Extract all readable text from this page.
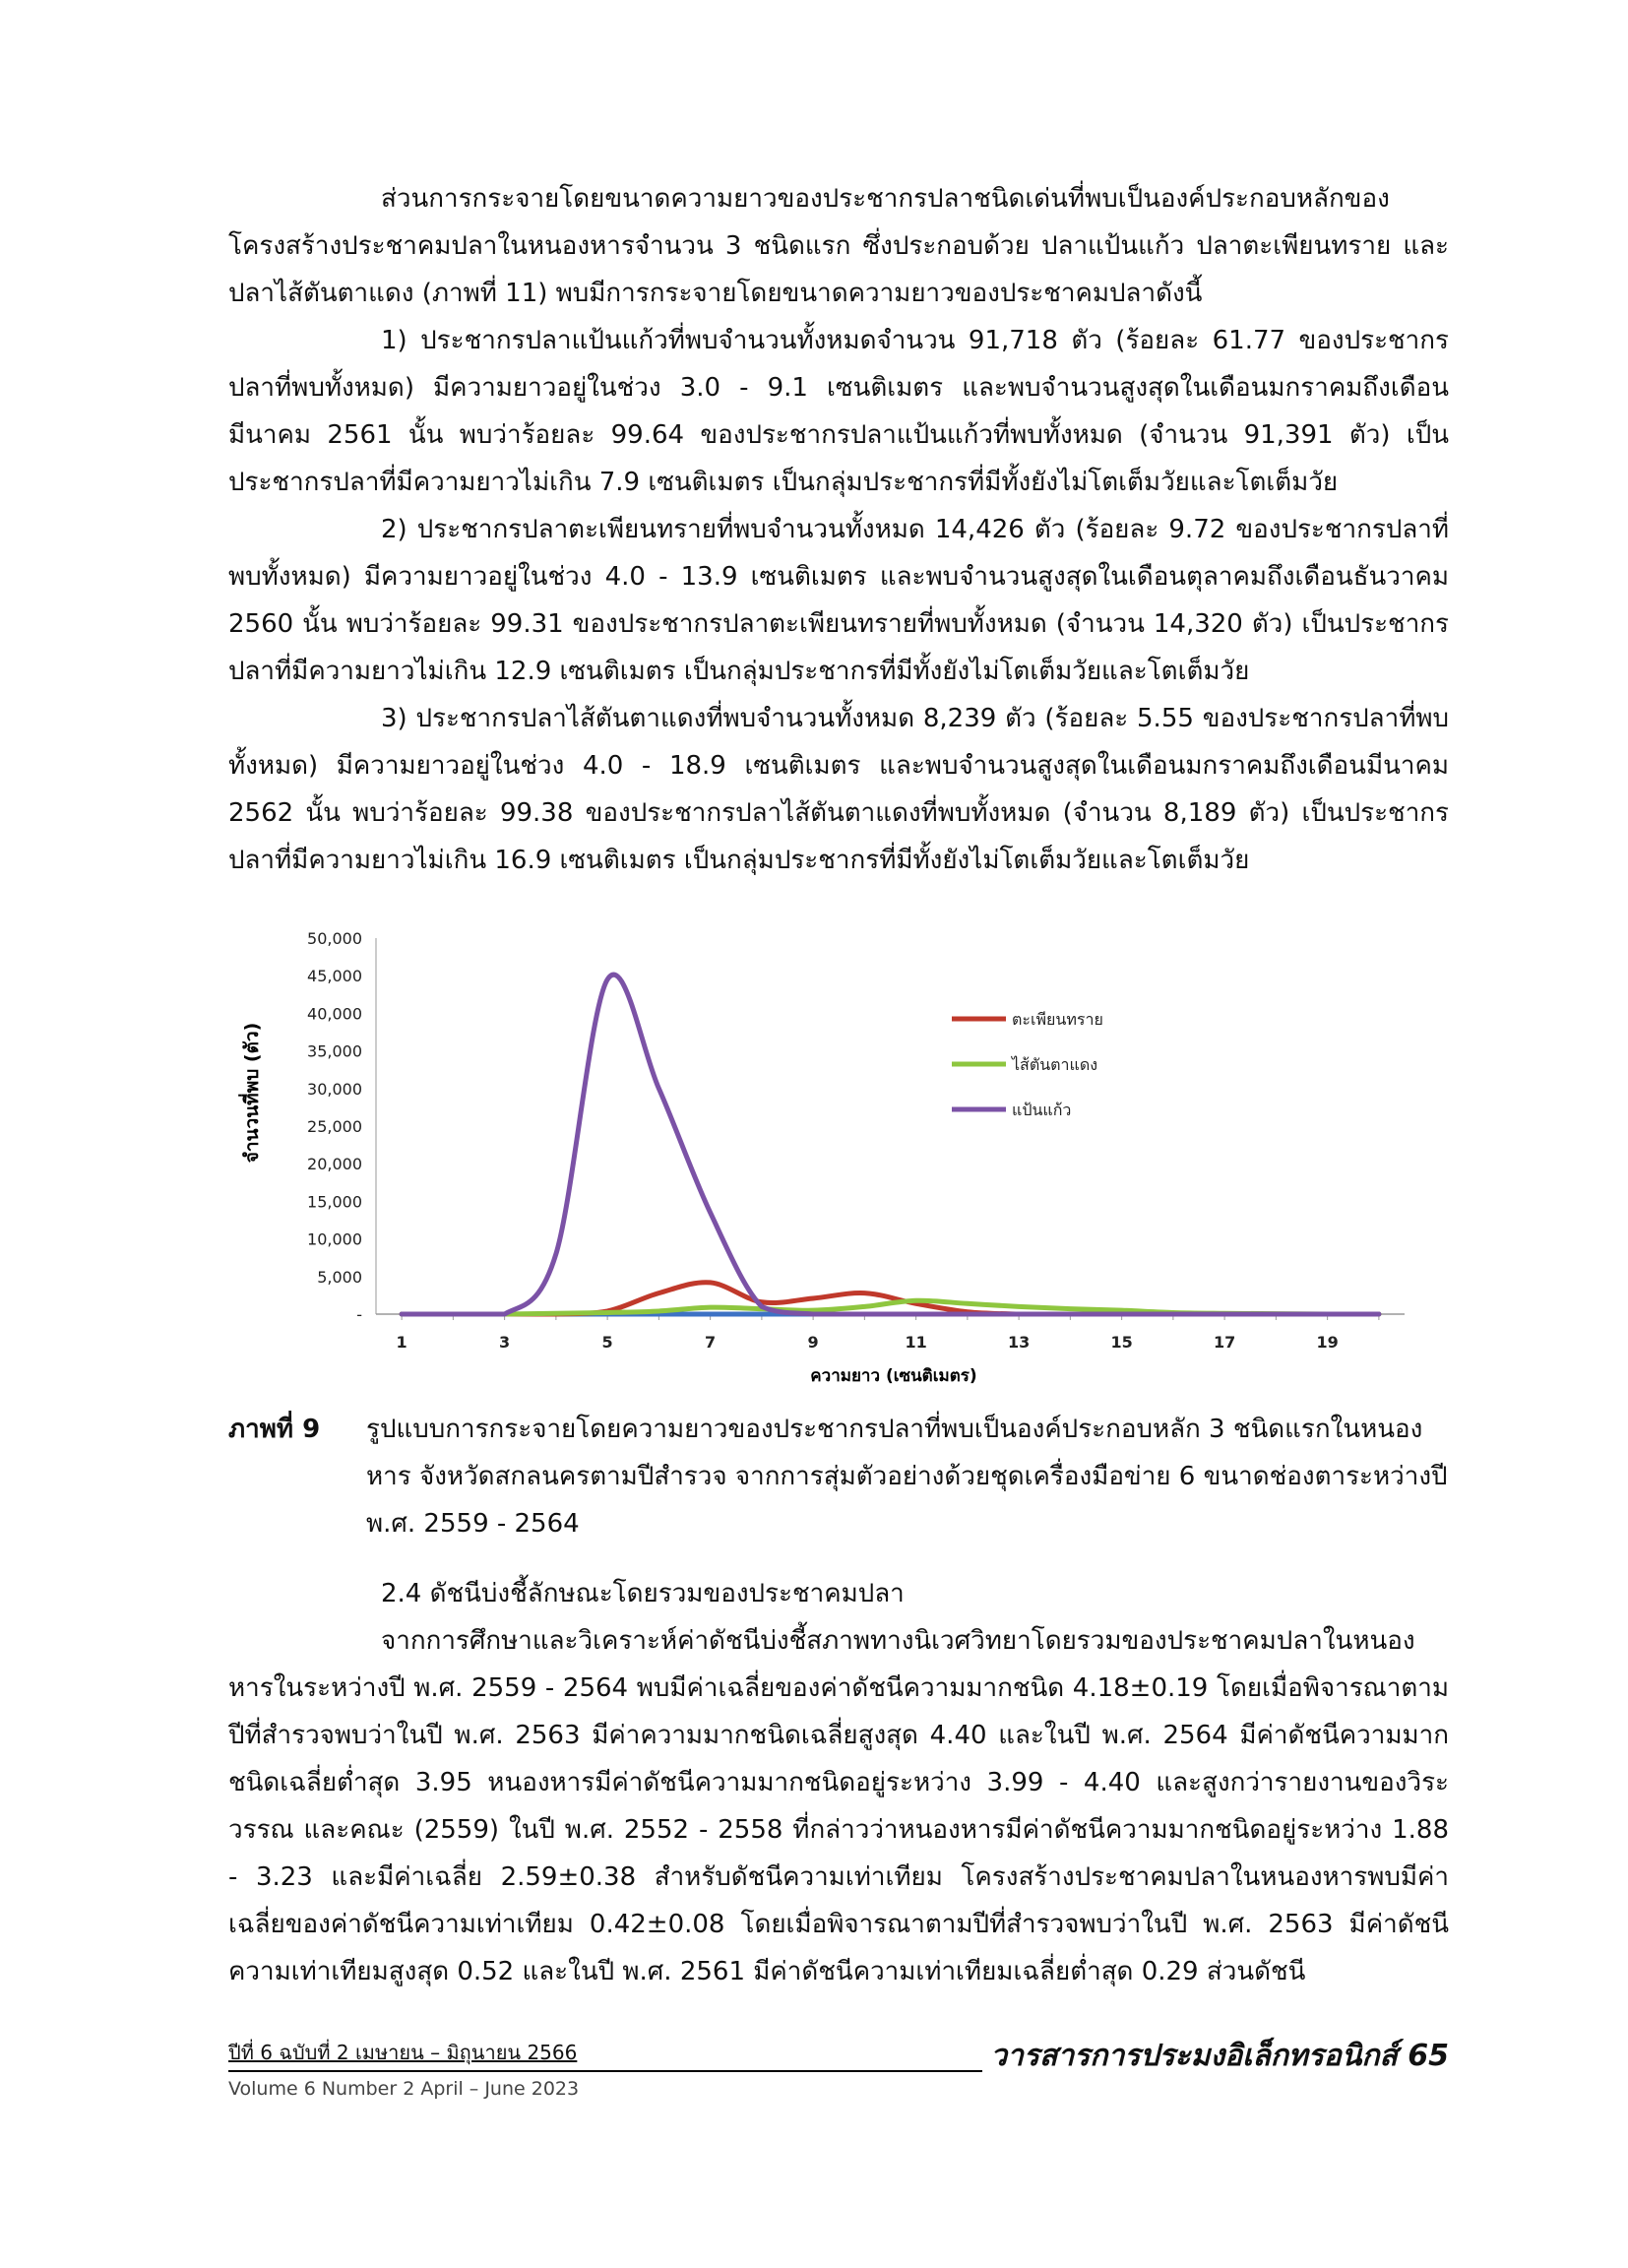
ส่วนการกระจายโดยขนาดความยาวของประชากรปลาชนิดเด่นที่พบเป็นองค์ประกอบหลักของโครงสร้างประชาคมปลาในหนองหารจำนวน 3 ชนิดแรก ซึ่งประกอบด้วย ปลาแป้นแก้ว ปลาตะเพียนทราย และปลาไส้ตันตาแดง (ภาพที่ 11) พบมีการกระจายโดยขนาดความยาวของประชาคมปลาดังนี้

1) ประชากรปลาแป้นแก้วที่พบจำนวนทั้งหมดจำนวน 91,718 ตัว (ร้อยละ 61.77 ของประชากรปลาที่พบทั้งหมด) มีความยาวอยู่ในช่วง 3.0 - 9.1 เซนติเมตร และพบจำนวนสูงสุดในเดือนมกราคมถึงเดือนมีนาคม 2561 นั้น พบว่าร้อยละ 99.64 ของประชากรปลาแป้นแก้วที่พบทั้งหมด (จำนวน 91,391 ตัว) เป็นประชากรปลาที่มีความยาวไม่เกิน 7.9 เซนติเมตร เป็นกลุ่มประชากรที่มีทั้งยังไม่โตเต็มวัยและโตเต็มวัย

2) ประชากรปลาตะเพียนทรายที่พบจำนวนทั้งหมด 14,426 ตัว (ร้อยละ 9.72 ของประชากรปลาที่พบทั้งหมด) มีความยาวอยู่ในช่วง 4.0 - 13.9 เซนติเมตร และพบจำนวนสูงสุดในเดือนตุลาคมถึงเดือนธันวาคม 2560 นั้น พบว่าร้อยละ 99.31 ของประชากรปลาตะเพียนทรายที่พบทั้งหมด (จำนวน 14,320 ตัว) เป็นประชากรปลาที่มีความยาวไม่เกิน 12.9 เซนติเมตร เป็นกลุ่มประชากรที่มีทั้งยังไม่โตเต็มวัยและโตเต็มวัย

3) ประชากรปลาไส้ตันตาแดงที่พบจำนวนทั้งหมด 8,239 ตัว (ร้อยละ 5.55 ของประชากรปลาที่พบทั้งหมด) มีความยาวอยู่ในช่วง 4.0 - 18.9 เซนติเมตร และพบจำนวนสูงสุดในเดือนมกราคมถึงเดือนมีนาคม 2562 นั้น พบว่าร้อยละ 99.38 ของประชากรปลาไส้ตันตาแดงที่พบทั้งหมด (จำนวน 8,189 ตัว) เป็นประชากรปลาที่มีความยาวไม่เกิน 16.9 เซนติเมตร เป็นกลุ่มประชากรที่มีทั้งยังไม่โตเต็มวัยและโตเต็มวัย

-
5,000
10,000
15,000
20,000
25,000
30,000
35,000
40,000
45,000
50,000
1	3	5	7	9	11	13	15	17	19
ตะเพียนทราย
ไส้ตันตาแดง
แป้นแก้ว
จำนวนที่พบ (ตัว)
ความยาว (เซนติเมตร)
ภาพที่ 9 รูปแบบการกระจายโดยความยาวของประชากรปลาที่พบเป็นองค์ประกอบหลัก 3 ชนิดแรกในหนองหาร จังหวัดสกลนครตามปีสำรวจ จากการสุ่มตัวอย่างด้วยชุดเครื่องมือข่าย 6 ขนาดช่องตาระหว่างปี พ.ศ. 2559 - 2564

2.4 ดัชนีบ่งชี้ลักษณะโดยรวมของประชาคมปลา

จากการศึกษาและวิเคราะห์ค่าดัชนีบ่งชี้สภาพทางนิเวศวิทยาโดยรวมของประชาคมปลาในหนองหารในระหว่างปี พ.ศ. 2559 - 2564 พบมีค่าเฉลี่ยของค่าดัชนีความมากชนิด 4.18±0.19 โดยเมื่อพิจารณาตามปีที่สำรวจพบว่าในปี พ.ศ. 2563 มีค่าความมากชนิดเฉลี่ยสูงสุด 4.40 และในปี พ.ศ. 2564 มีค่าดัชนีความมากชนิดเฉลี่ยต่ำสุด 3.95 หนองหารมีค่าดัชนีความมากชนิดอยู่ระหว่าง 3.99 - 4.40 และสูงกว่ารายงานของวิระวรรณ และคณะ (2559) ในปี พ.ศ. 2552 - 2558 ที่กล่าวว่าหนองหารมีค่าดัชนีความมากชนิดอยู่ระหว่าง 1.88 - 3.23 และมีค่าเฉลี่ย 2.59±0.38 สำหรับดัชนีความเท่าเทียม โครงสร้างประชาคมปลาในหนองหารพบมีค่าเฉลี่ยของค่าดัชนีความเท่าเทียม 0.42±0.08 โดยเมื่อพิจารณาตามปีที่สำรวจพบว่าในปี พ.ศ. 2563 มีค่าดัชนีความเท่าเทียมสูงสุด 0.52 และในปี พ.ศ. 2561 มีค่าดัชนีความเท่าเทียมเฉลี่ยต่ำสุด 0.29 ส่วนดัชนี

ปีที่ 6 ฉบับที่ 2 เมษายน – มิถุนายน 2566
Volume 6 Number 2 April – June 2023
วารสารการประมงอิเล็กทรอนิกส์ 65
